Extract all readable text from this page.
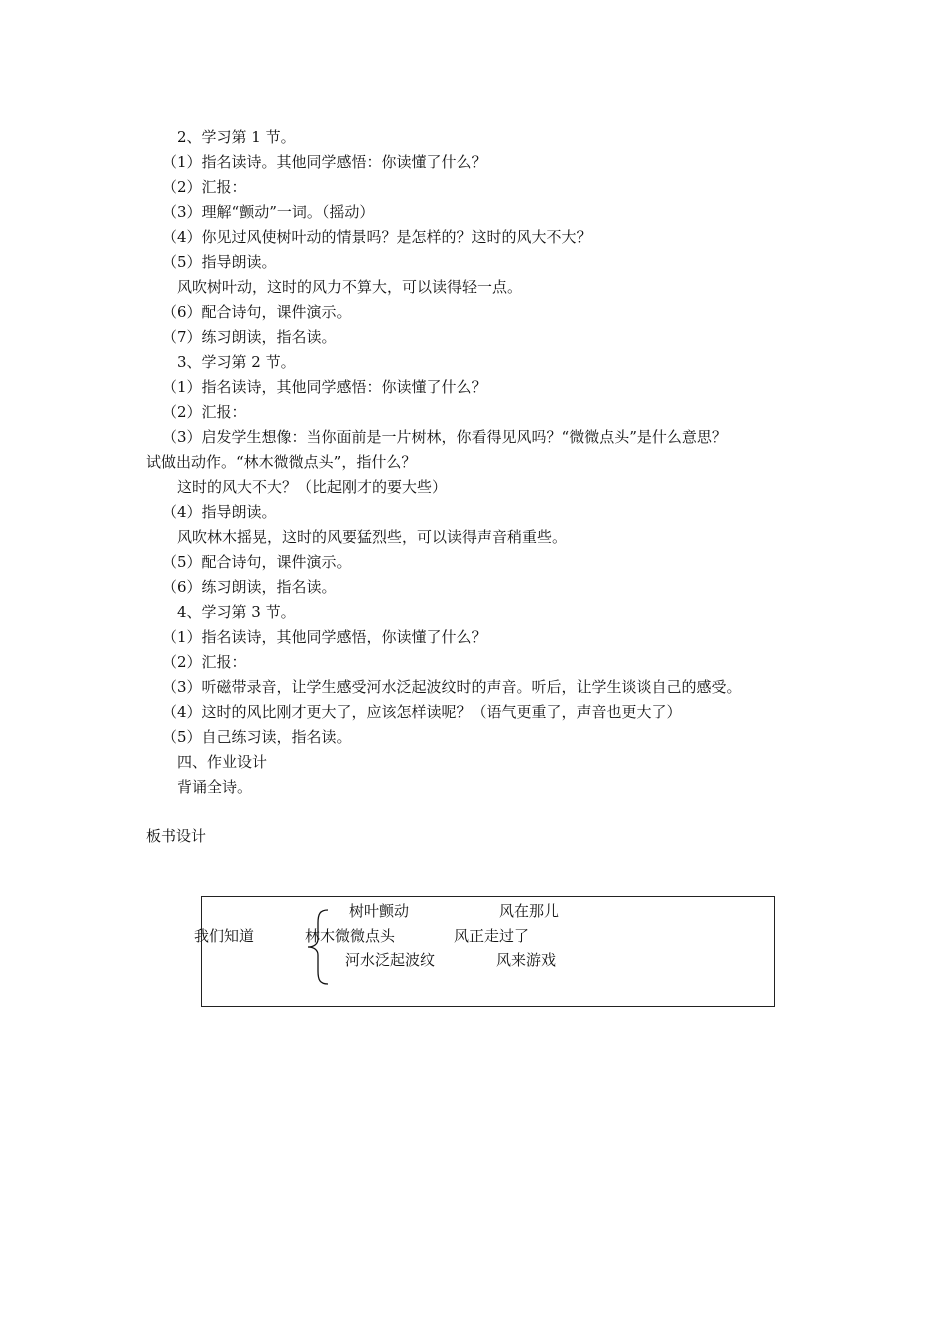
2、学习第 1 节。
（1）指名读诗。其他同学感悟：你读懂了什么？
（2）汇报：
（3）理解“颤动”一词。（摇动）
（4）你见过风使树叶动的情景吗？是怎样的？这时的风大不大？
（5）指导朗读。
风吹树叶动，这时的风力不算大，可以读得轻一点。
（6）配合诗句，课件演示。
（7）练习朗读，指名读。
3、学习第 2 节。
（1）指名读诗，其他同学感悟：你读懂了什么？
（2）汇报：
（3）启发学生想像：当你面前是一片树林，你看得见风吗？“微微点头”是什么意思？
试做出动作。“林木微微点头”，指什么？
这时的风大不大？（比起刚才的要大些）
（4）指导朗读。
风吹林木摇晃，这时的风要猛烈些，可以读得声音稍重些。
（5）配合诗句，课件演示。
（6）练习朗读，指名读。
4、学习第 3 节。
（1）指名读诗，其他同学感悟，你读懂了什么？
（2）汇报：
（3）听磁带录音，让学生感受河水泛起波纹时的声音。听后，让学生谈谈自己的感受。
（4）这时的风比刚才更大了，应该怎样读呢？（语气更重了，声音也更大了）
（5）自己练习读，指名读。
四、作业设计
背诵全诗。
板书设计
我们知道
树叶颤动	风在那儿
林木微微点头	风正走过了
河水泛起波纹	风来游戏
